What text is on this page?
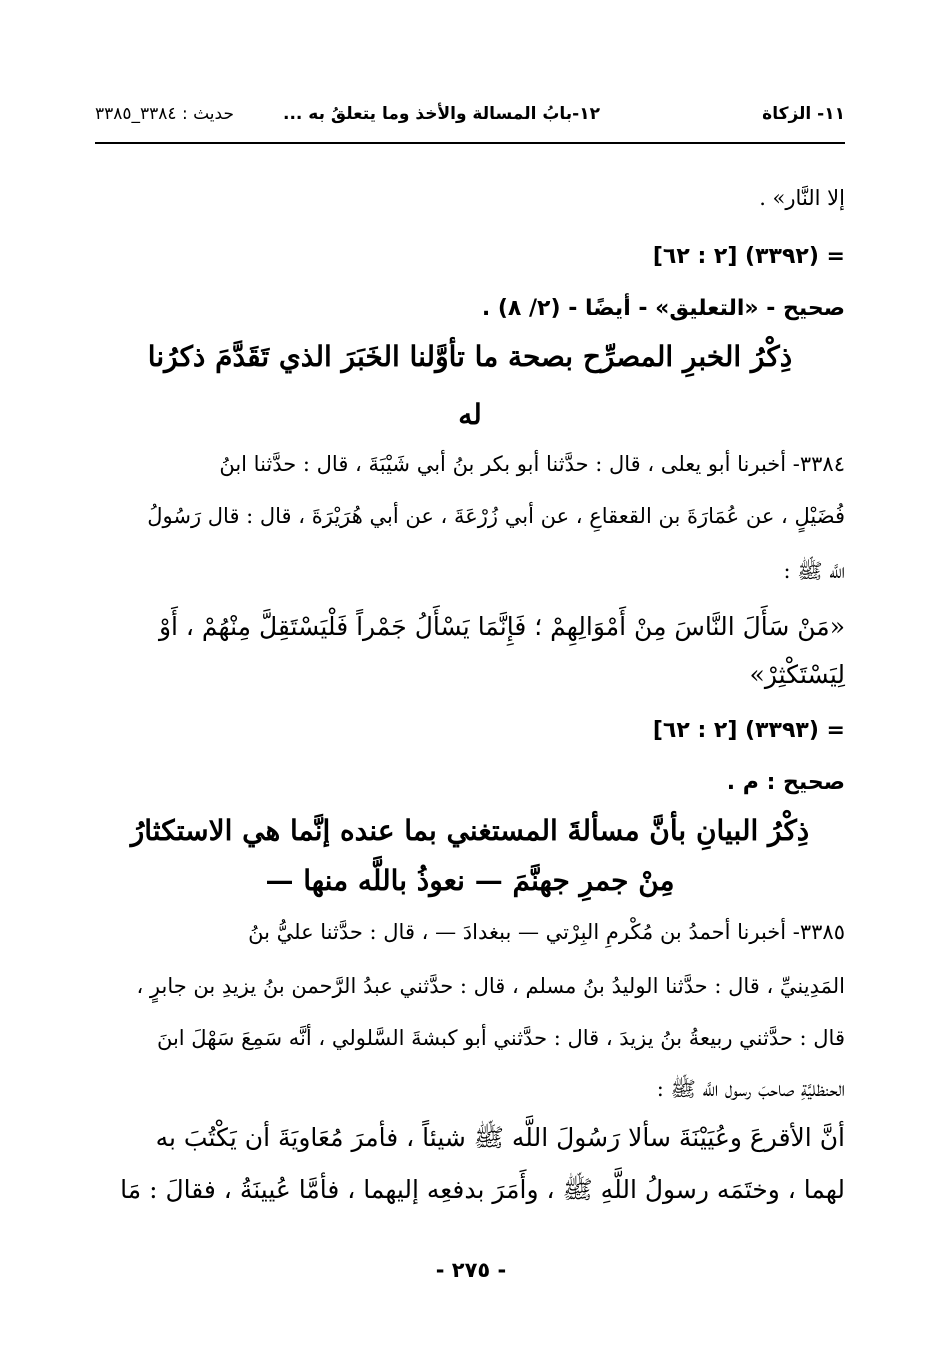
١١- الزكاة
١٢-بابُ المسالة والأخذ وما يتعلقُ به ...
حديث : ٣٣٨٤_٣٣٨٥
إلا النَّار» .
= (٣٣٩٢) [٢ : ٦٢]
صحيح - «التعليق» - أيضًا - (٢/ ٨) .
ذِكْرُ الخبرِ المصرِّح بصحة ما تأوَّلنا الخَبَرَ الذي تَقَدَّمَ ذكرُنا
له
٣٣٨٤- أخبرنا أبو يعلى ، قال : حدَّثنا أبو بكر بنُ أبي شَيْبَةَ ، قال : حدَّثنا ابنُ
فُضَيْلٍ ، عن عُمَارَةَ بن القعقاعِ ، عن أبي زُرْعَةَ ، عن أبي هُرَيْرَةَ ، قال : قال رَسُولُ
اللَّه ﷺ :
«مَنْ سَأَلَ النَّاسَ مِنْ أَمْوَالِهِمْ ؛ فَإِنَّمَا يَسْأَلُ جَمْراً فَلْيَسْتَقِلَّ مِنْهُمْ ، أَوْ
لِيَسْتَكْثِرْ»
= (٣٣٩٣) [٢ : ٦٢]
صحيح : م .
ذِكْرُ البيانِ بأنَّ مسألةَ المستغني بما عنده إنَّما هي الاستكثارُ
مِنْ جمرِ جهنَّمَ — نعوذُ باللَّه منها —
٣٣٨٥- أخبرنا أحمدُ بن مُكْرمِ البِرْتي — ببغدادَ — ، قال : حدَّثنا عليُّ بنُ
المَدِينيِّ ، قال : حدَّثنا الوليدُ بنُ مسلم ، قال : حدَّثني عبدُ الرَّحمن بنُ يزيدِ بن جابرٍ ،
قال : حدَّثني ربيعةُ بنُ يزيدَ ، قال : حدَّثني أبو كبشةَ السَّلولي ، أنَّه سَمِعَ سَهْلَ ابنَ
الحنظليَّةِ صاحبَ رسول اللَّه ﷺ :
أنَّ الأقرعَ وعُيَيْنَةَ سألا رَسُولَ اللَّه ﷺ شيئاً ، فأمرَ مُعَاويَةَ أن يَكْتُبَ به
لهما ، وختَمَه رسولُ اللَّهِ ﷺ ، وأَمَرَ بدفعِه إليهما ، فأمَّا عُيينَةُ ، فقالَ : مَا
- ٢٧٥ -
